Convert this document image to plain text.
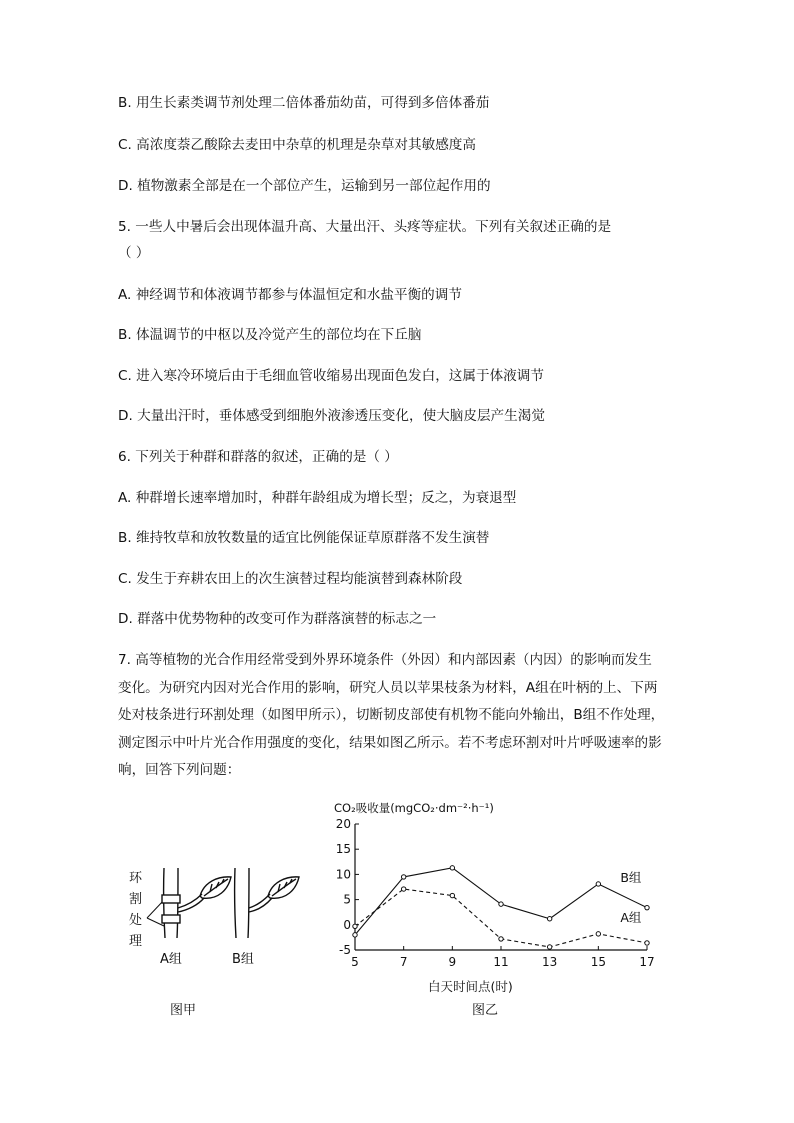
B. 用生长素类调节剂处理二倍体番茄幼苗，可得到多倍体番茄
C. 高浓度萘乙酸除去麦田中杂草的机理是杂草对其敏感度高
D. 植物激素全部是在一个部位产生，运输到另一部位起作用的
5. 一些人中暑后会出现体温升高、大量出汗、头疼等症状。下列有关叙述正确的是
（ ）
A. 神经调节和体液调节都参与体温恒定和水盐平衡的调节
B. 体温调节的中枢以及冷觉产生的部位均在下丘脑
C. 进入寒冷环境后由于毛细血管收缩易出现面色发白，这属于体液调节
D. 大量出汗时，垂体感受到细胞外液渗透压变化，使大脑皮层产生渴觉
6. 下列关于种群和群落的叙述，正确的是（ ）
A. 种群增长速率增加时，种群年龄组成为增长型；反之，为衰退型
B. 维持牧草和放牧数量的适宜比例能保证草原群落不发生演替
C. 发生于弃耕农田上的次生演替过程均能演替到森林阶段
D. 群落中优势物种的改变可作为群落演替的标志之一
7. 高等植物的光合作用经常受到外界环境条件（外因）和内部因素（内因）的影响而发生
变化。为研究内因对光合作用的影响，研究人员以苹果枝条为材料，A组在叶柄的上、下两
处对枝条进行环割处理（如图甲所示），切断韧皮部使有机物不能向外输出，B组不作处理，
测定图示中叶片光合作用强度的变化，结果如图乙所示。若不考虑环割对叶片呼吸速率的影
响，回答下列问题：
环
割
处
理
A组	B组
图甲
CO₂吸收量(mgCO₂·dm⁻²·h⁻¹)
白天时间点(时)
图乙
20
15
10
5
0
-5
5	7	9	11	13	15	17
B组
A组
